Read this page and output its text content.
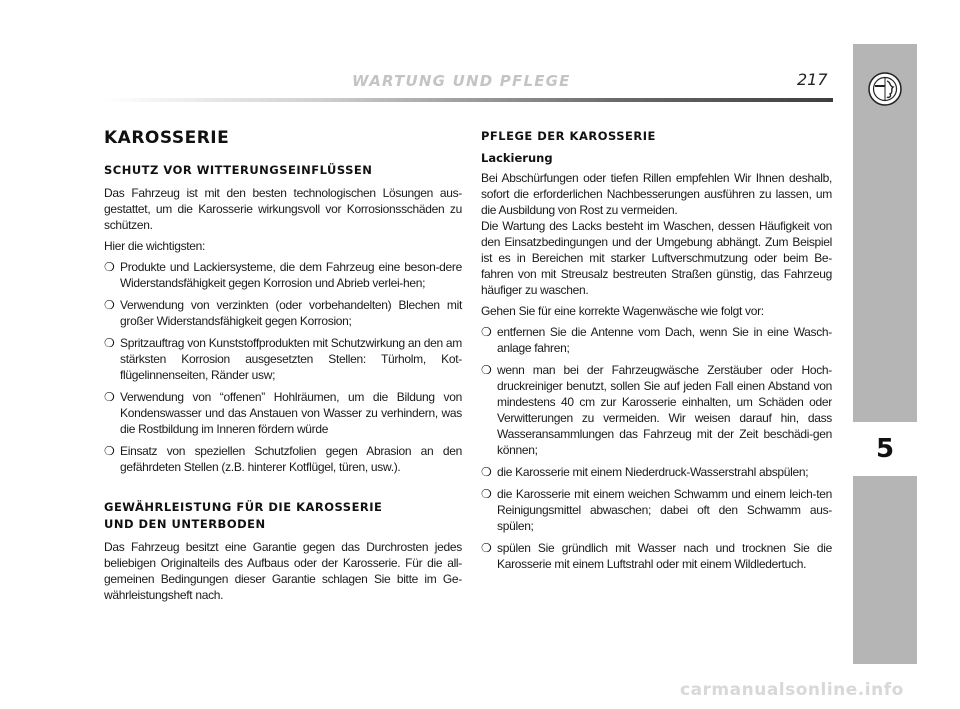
WARTUNG UND PFLEGE	217
5
KAROSSERIE
SCHUTZ VOR WITTERUNGSEINFLÜSSEN

Das Fahrzeug ist mit den besten technologischen Lösungen aus-gestattet, um die Karosserie wirkungsvoll vor Korrosionsschäden zu schützen.

Hier die wichtigsten:

❍ Produkte und Lackiersysteme, die dem Fahrzeug eine beson-dere Widerstandsfähigkeit gegen Korrosion und Abrieb verlei-hen;
❍ Verwendung von verzinkten (oder vorbehandelten) Blechen mit großer Widerstandsfähigkeit gegen Korrosion;
❍ Spritzauftrag von Kunststoffprodukten mit Schutzwirkung an den am stärksten Korrosion ausgesetzten Stellen: Türholm, Kot-flügelinnenseiten, Ränder usw;
❍ Verwendung von “offenen” Hohlräumen, um die Bildung von Kondenswasser und das Anstauen von Wasser zu verhindern, was die Rostbildung im Inneren fördern würde
❍ Einsatz von speziellen Schutzfolien gegen Abrasion an den gefährdeten Stellen (z.B. hinterer Kotflügel, türen, usw.).
GEWÄHRLEISTUNG FÜR DIE KAROSSERIE
UND DEN UNTERBODEN

Das Fahrzeug besitzt eine Garantie gegen das Durchrosten jedes beliebigen Originalteils des Aufbaus oder der Karosserie. Für die all-gemeinen Bedingungen dieser Garantie schlagen Sie bitte im Ge-währleistungsheft nach.

PFLEGE DER KAROSSERIE
Lackierung

Bei Abschürfungen oder tiefen Rillen empfehlen Wir Ihnen deshalb, sofort die erforderlichen Nachbesserungen ausführen zu lassen, um die Ausbildung von Rost zu vermeiden.

Die Wartung des Lacks besteht im Waschen, dessen Häufigkeit von den Einsatzbedingungen und der Umgebung abhängt. Zum Beispiel ist es in Bereichen mit starker Luftverschmutzung oder beim Be-fahren von mit Streusalz bestreuten Straßen günstig, das Fahrzeug häufiger zu waschen.

Gehen Sie für eine korrekte Wagenwäsche wie folgt vor:

❍ entfernen Sie die Antenne vom Dach, wenn Sie in eine Wasch-anlage fahren;
❍ wenn man bei der Fahrzeugwäsche Zerstäuber oder Hoch-druckreiniger benutzt, sollen Sie auf jeden Fall einen Abstand von mindestens 40 cm zur Karosserie einhalten, um Schäden oder Verwitterungen zu vermeiden. Wir weisen darauf hin, dass Wasseransammlungen das Fahrzeug mit der Zeit beschädi-gen können;
❍ die Karosserie mit einem Niederdruck-Wasserstrahl abspülen;
❍ die Karosserie mit einem weichen Schwamm und einem leich-ten Reinigungsmittel abwaschen; dabei oft den Schwamm aus-spülen;
❍ spülen Sie gründlich mit Wasser nach und trocknen Sie die Karosserie mit einem Luftstrahl oder mit einem Wildledertuch.
carmanualsonline.info
